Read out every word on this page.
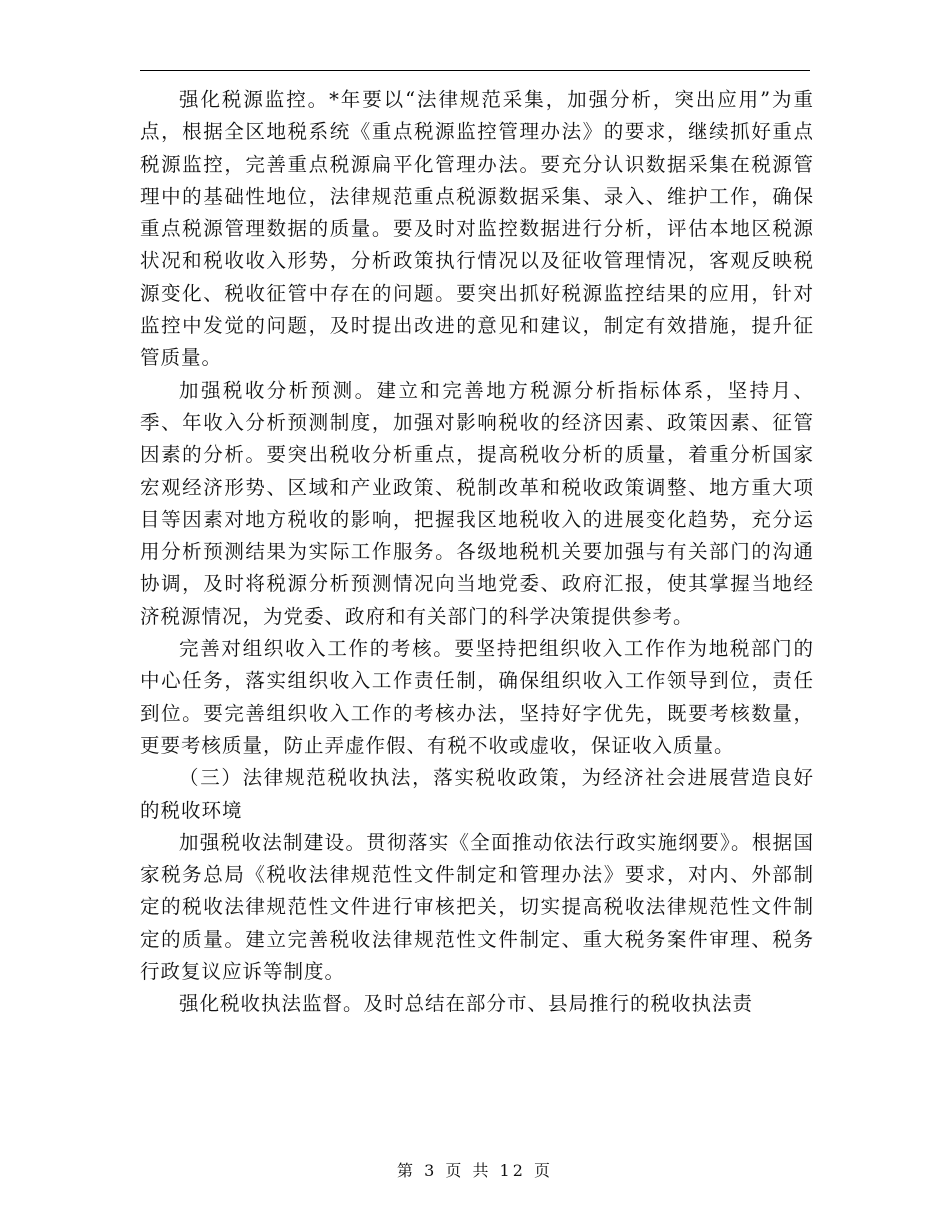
强化税源监控。*年要以“法律规范采集，加强分析，突出应用”为重点，根据全区地税系统《重点税源监控管理办法》的要求，继续抓好重点税源监控，完善重点税源扁平化管理办法。要充分认识数据采集在税源管理中的基础性地位，法律规范重点税源数据采集、录入、维护工作，确保重点税源管理数据的质量。要及时对监控数据进行分析，评估本地区税源状况和税收收入形势，分析政策执行情况以及征收管理情况，客观反映税源变化、税收征管中存在的问题。要突出抓好税源监控结果的应用，针对监控中发觉的问题，及时提出改进的意见和建议，制定有效措施，提升征管质量。

加强税收分析预测。建立和完善地方税源分析指标体系，坚持月、季、年收入分析预测制度，加强对影响税收的经济因素、政策因素、征管因素的分析。要突出税收分析重点，提高税收分析的质量，着重分析国家宏观经济形势、区域和产业政策、税制改革和税收政策调整、地方重大项目等因素对地方税收的影响，把握我区地税收入的进展变化趋势，充分运用分析预测结果为实际工作服务。各级地税机关要加强与有关部门的沟通协调，及时将税源分析预测情况向当地党委、政府汇报，使其掌握当地经济税源情况，为党委、政府和有关部门的科学决策提供参考。

完善对组织收入工作的考核。要坚持把组织收入工作作为地税部门的中心任务，落实组织收入工作责任制，确保组织收入工作领导到位，责任到位。要完善组织收入工作的考核办法，坚持好字优先，既要考核数量，更要考核质量，防止弄虚作假、有税不收或虚收，保证收入质量。

（三）法律规范税收执法，落实税收政策，为经济社会进展营造良好的税收环境

加强税收法制建设。贯彻落实《全面推动依法行政实施纲要》。根据国家税务总局《税收法律规范性文件制定和管理办法》要求，对内、外部制定的税收法律规范性文件进行审核把关，切实提高税收法律规范性文件制定的质量。建立完善税收法律规范性文件制定、重大税务案件审理、税务行政复议应诉等制度。

强化税收执法监督。及时总结在部分市、县局推行的税收执法责

第 3 页 共 12 页
